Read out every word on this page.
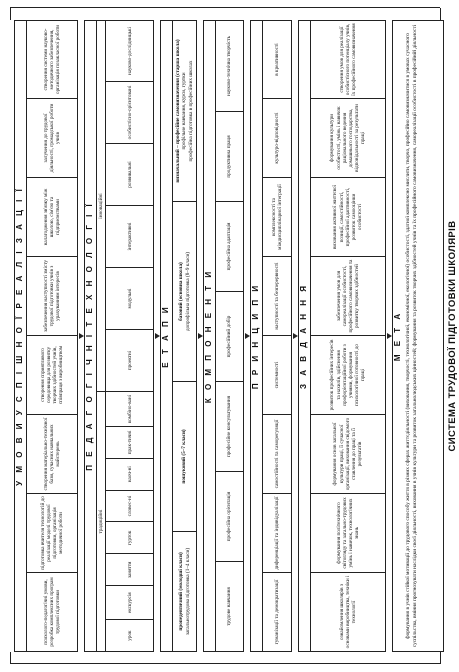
СИСТЕМА ТРУДОВОЇ ПІДГОТОВКИ ШКОЛЯРІВ
М Е Т А формування в учнів стійкої мотивації до трудового способу життя в різних сферах життєдіяльності (виховання, творчості, технологічної, економічної, екологічної) особистості, здатної комплексно мислити, творчо, професійно самовизначитися в умовах сучасного суспільства, вміння прогнозувати наслідки своєї діяльності, виховання в учнів культури та розвиток загальнолюдських цінностей; формування та розвиток творчих здібностей учнів та їх професійного самовизначення, самореалізації особистості в професійній діяльності
З А В Д А Н Н Я
ознайомлення школярів з основами виробництва, техніки і технології
формування політехнічного світогляду та загально-трудових умінь і навичок, технологічних знань
формування основ загальної культури праці, її сучасної організації, виховання свідомого ставлення до праці та її результатів
розвиток професійних інтересів та нахилів, здійснення профорієнтаційної роботи з учнями, формування психологічної готовності до праці
забезпечення умов для самореалізації особистості, професійного самовизначення та розвитку творчих здібностей
виховання активної життєвої позиції, самостійності, професійної адаптивності, розвиток самооцінки особистості
формування культури особистості, умінь і навичок раціонального ведення домашнього господарства, відповідальності за результати праці
створення умов для реалізації особистісного потенціалу учнів, їх професійного самовизначення
П Р И Н Ц И П И
гуманізації та демократизації
диференціації та індивідуалізації
самостійності та саморегуляції
системності
наступності та безперервності
комплексності та міждисциплінарної інтеграції
культуро-відповідності
в креативності
К О М П О Н Е Н Т И
трудове навчання
професійна орієнтація
професійне консультування
професійний добір
професійна адаптація
продуктивна праця
науково-технічна творчість
Е Т А П И
пропедевтичний (молодші класи) загальнотрудова підготовка (1–4 класи)
пошуковий (5–7 класи)
базовий (основна школа) допрофільна підготовка (8–9 класи)
визначальний – професійне самовизначення (старша школа) профільне навчання, курси, гуртки професійна підготовка в професійних школах
П Е Д А Г О Г І Ч Н І Т Е Х Н О Л О Г І Ї
традиційні
урок
екскурсія
заняття
гурток
словес-ні
наоч-ні
прак-тичні
комбіно-вані
інноваційні
проектні
модульні
інтерактивні
розвивальні
особистісно-орієнтовані
науково-дослідницькі
У М О В И У С П І Ш Н О Ї Р Е А Л І З А Ц І Ї
психолого-педагогічні умови, розробка комплексних програм трудової підготовки
підготовка вчителя технологій до реалізації моделі трудової підготовки, організація методичної роботи
створення матеріально-технічної бази, сучасних навчальних майстерень
створення сприятливого середовища для розвитку творчих здібностей учнів, співпраця з виробництвом
забезпечення наступності змісту трудової підготовки учнів з урахуванням інтересів
налагодження зв'язку між школою, сім'єю та підприємствами
залучення до трудової діяльності, громадської роботи учнів
створення системи науково-методичного забезпечення, організація позакласної роботи
